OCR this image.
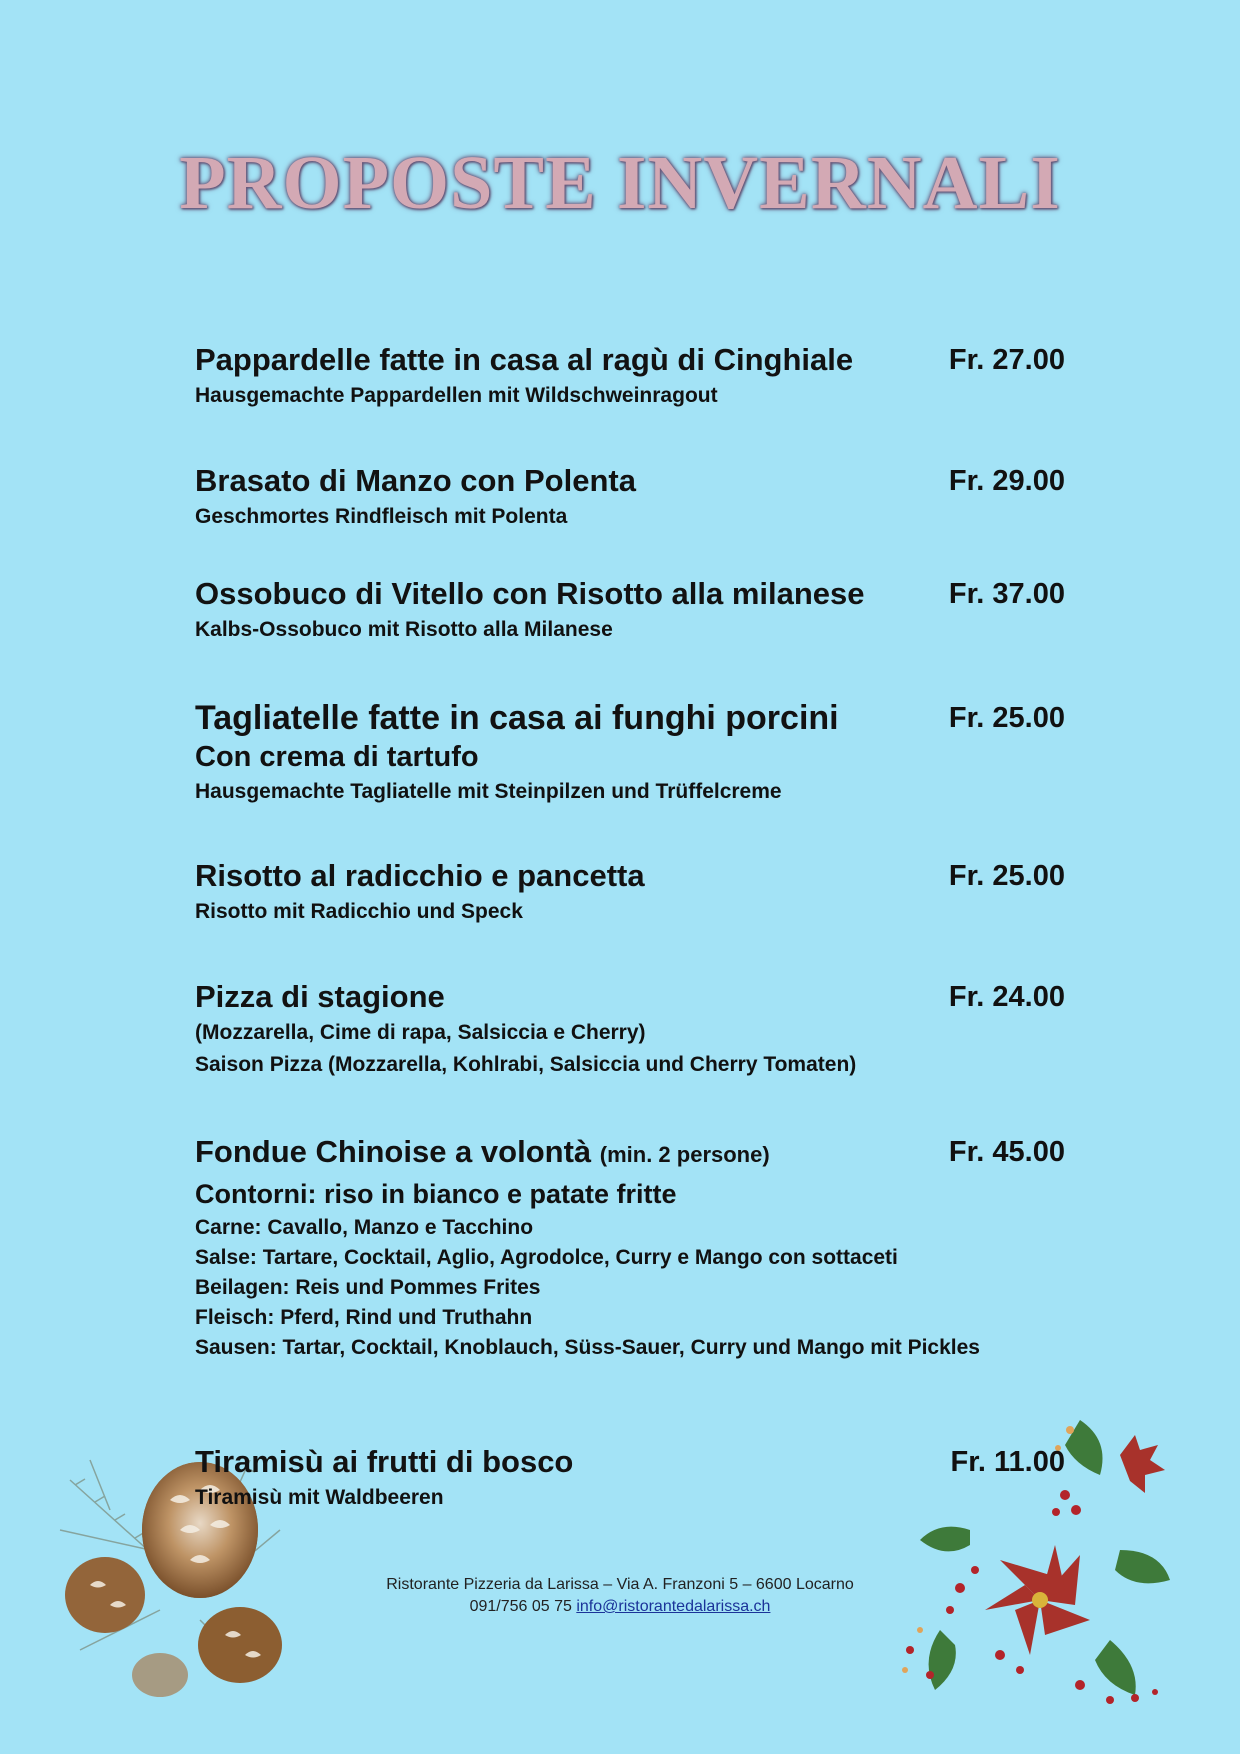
PROPOSTE INVERNALI
Pappardelle fatte in casa al ragù di Cinghiale	Fr. 27.00
Hausgemachte Pappardellen mit Wildschweinragout
Brasato di Manzo con Polenta	Fr. 29.00
Geschmortes Rindfleisch mit Polenta
Ossobuco di Vitello con Risotto alla milanese	Fr. 37.00
Kalbs-Ossobuco mit Risotto alla Milanese
Tagliatelle fatte in casa ai funghi porcini	Fr. 25.00
Con crema di tartufo
Hausgemachte Tagliatelle mit Steinpilzen und Trüffelcreme
Risotto al radicchio e pancetta	Fr. 25.00
Risotto mit Radicchio und Speck
Pizza di stagione	Fr. 24.00
(Mozzarella, Cime di rapa, Salsiccia e Cherry)
Saison Pizza (Mozzarella, Kohlrabi, Salsiccia und Cherry Tomaten)
Fondue Chinoise a volontà (min. 2 persone)	Fr. 45.00
Contorni: riso in bianco e patate fritte
Carne: Cavallo, Manzo e Tacchino
Salse: Tartare, Cocktail, Aglio, Agrodolce, Curry e Mango con sottaceti
Beilagen: Reis und Pommes Frites
Fleisch: Pferd, Rind und Truthahn
Sausen: Tartar, Cocktail, Knoblauch, Süss-Sauer, Curry und Mango mit Pickles
Tiramisù ai frutti di bosco	Fr. 11.00
Tiramisù mit Waldbeeren
Ristorante Pizzeria da Larissa – Via A. Franzoni 5 – 6600 Locarno
091/756 05 75 info@ristorantedalarissa.ch
